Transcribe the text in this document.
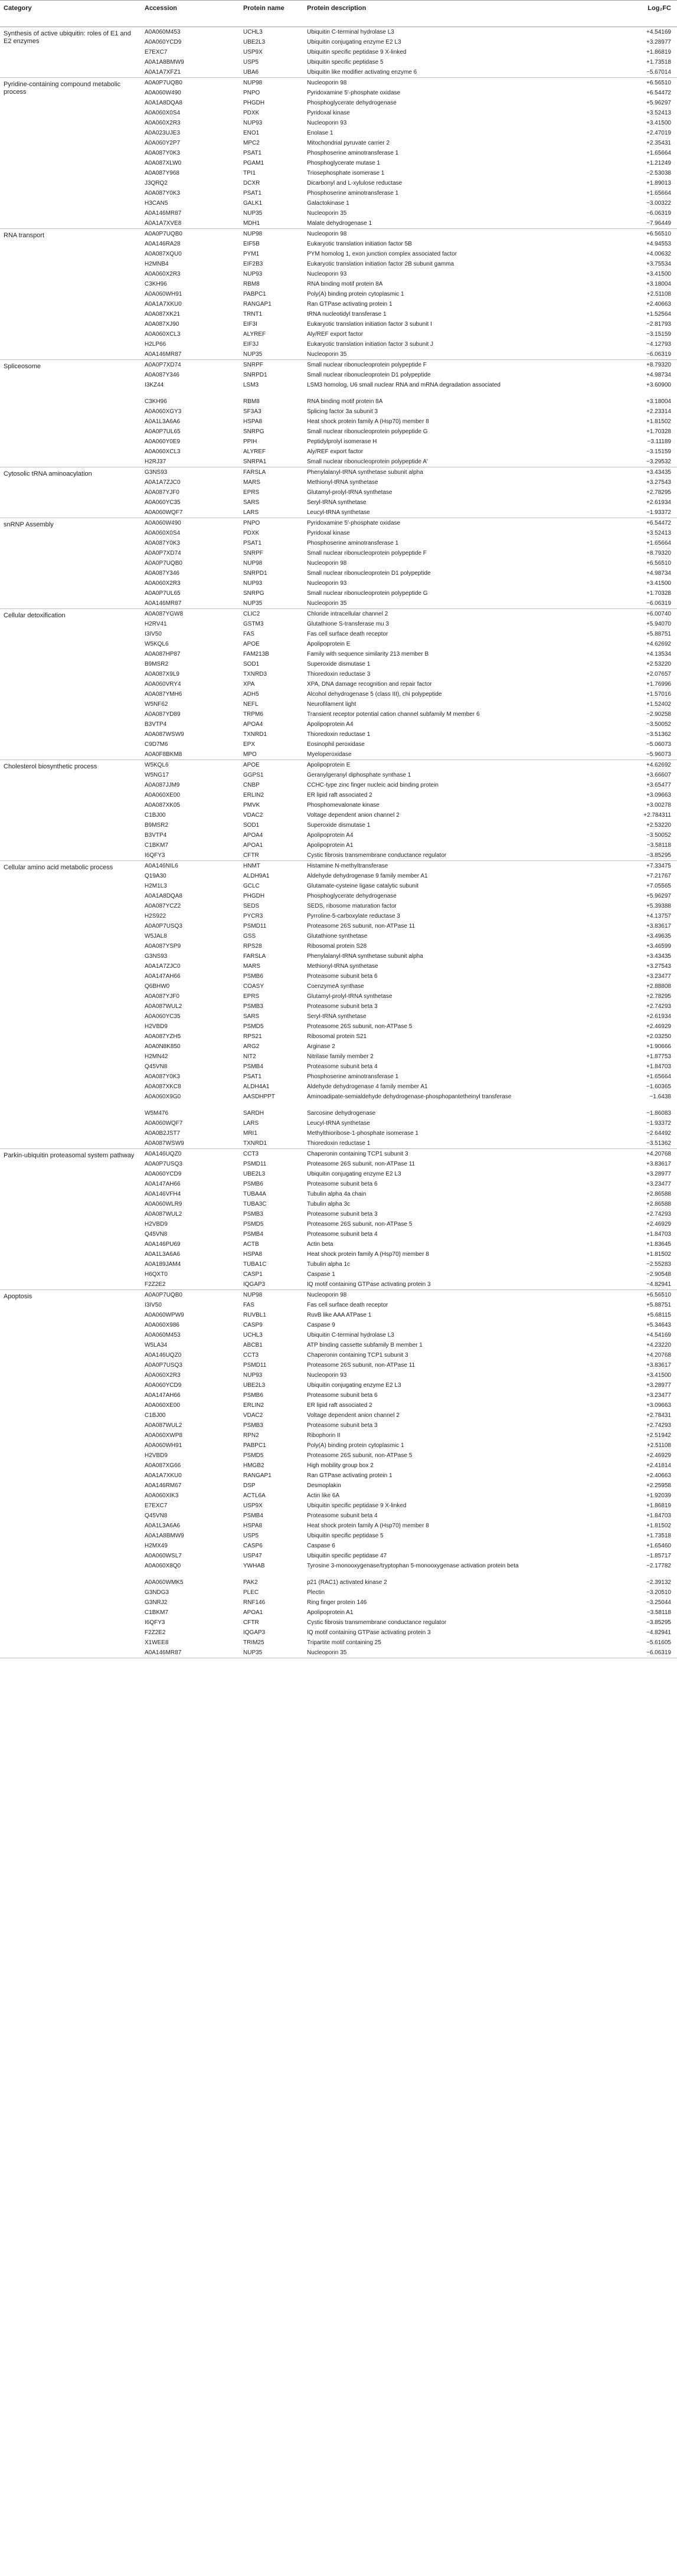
Category	Accession	Protein name	Protein description	Log₂FC
Synthesis of active ubiquitin: roles of E1 and E2 enzymes
A0A060M453	UCHL3	Ubiquitin C-terminal hydrolase L3	+4.54169
A0A060YCD9	UBE2L3	Ubiquitin conjugating enzyme E2 L3	+3.28977
E7EXC7	USP9X	Ubiquitin specific peptidase 9 X-linked	+1.86819
A0A1A8BMW9	USP5	Ubiquitin specific peptidase 5	+1.73518
A0A1A7XFZ1	UBA6	Ubiquitin like modifier activating enzyme 6	−5.67014
Pyridine-containing compound metabolic process
A0A0P7UQB0	NUP98	Nucleoporin 98	+6.56510
A0A060W490	PNPO	Pyridoxamine 5′-phosphate oxidase	+6.54472
A0A1A8DQA8	PHGDH	Phosphoglycerate dehydrogenase	+5.96297
A0A060X0S4	PDXK	Pyridoxal kinase	+3.52413
A0A060X2R3	NUP93	Nucleoporin 93	+3.41500
A0A023UJE3	ENO1	Enolase 1	+2.47019
A0A060Y2P7	MPC2	Mitochondrial pyruvate carrier 2	+2.35431
A0A087Y0K3	PSAT1	Phosphoserine aminotransferase 1	+1.65664
A0A087XLW0	PGAM1	Phosphoglycerate mutase 1	+1.21249
A0A087Y968	TPI1	Triosephosphate isomerase 1	−2.53038
J3QRQ2	DCXR	Dicarbonyl and L-xylulose reductase	+1.89013
A0A087Y0K3	PSAT1	Phosphoserine aminotransferase 1	+1.65664
H3CAN5	GALK1	Galactokinase 1	−3.00322
A0A146MR87	NUP35	Nucleoporin 35	−6.06319
A0A1A7XVE8	MDH1	Malate dehydrogenase 1	−7.96449
RNA transport	A0A0P7UQB0	NUP98	Nucleoporin 98	+6.56510
A0A146RA28	EIF5B	Eukaryotic translation initiation factor 5B	+4.94553
A0A087XQU0	PYM1	PYM homolog 1, exon junction complex associated factor	+4.00632
H2MNB4	EIF2B3	Eukaryotic translation initiation factor 2B subunit gamma	+3.75534
A0A060X2R3	NUP93	Nucleoporin 93	+3.41500
C3KH96	RBM8	RNA binding motif protein 8A	+3.18004
A0A060WH91	PABPC1	Poly(A) binding protein cytoplasmic 1	+2.51108
A0A1A7XKU0	RANGAP1	Ran GTPase activating protein 1	+2.40663
A0A087XK21	TRNT1	tRNA nucleotidyl transferase 1	+1.52564
A0A087XJ90	EIF3I	Eukaryotic translation initiation factor 3 subunit I	−2.81793
A0A060XCL3	ALYREF	Aly/REF export factor	−3.15159
H2LP66	EIF3J	Eukaryotic translation initiation factor 3 subunit J	−4.12793
A0A146MR87	NUP35	Nucleoporin 35	−6.06319
Spliceosome	A0A0P7XD74	SNRPF	Small nuclear ribonucleoprotein polypeptide F	+8.79320
A0A087Y346	SNRPD1	Small nuclear ribonucleoprotein D1 polypeptide	+4.98734
I3KZ44	LSM3	LSM3 homolog, U6 small nuclear RNA and mRNA degradation associated	+3.60900
C3KH96	RBM8	RNA binding motif protein 8A	+3.18004
A0A060XGY3	SF3A3	Splicing factor 3a subunit 3	+2.23314
A0A1L3A6A6	HSPA8	Heat shock protein family A (Hsp70) member 8	+1.81502
A0A0P7UL65	SNRPG	Small nuclear ribonucleoprotein polypeptide G	+1.70328
A0A060Y0E9	PPIH	Peptidylprolyl isomerase H	−3.11189
A0A060XCL3	ALYREF	Aly/REF export factor	−3.15159
H2RJ37	SNRPA1	Small nuclear ribonucleoprotein polypeptide A′	−3.29532
Cytosolic tRNA aminoacylation	G3NS93	FARSLA	Phenylalanyl-tRNA synthetase subunit alpha	+3.43435
A0A1A7ZJC0	MARS	Methionyl-tRNA synthetase	+3.27543
A0A087YJF0	EPRS	Glutamyl-prolyl-tRNA synthetase	+2.78295
A0A060YC35	SARS	Seryl-tRNA synthetase	+2.61934
A0A060WQF7	LARS	Leucyl-tRNA synthetase	−1.93372
snRNP Assembly	A0A060W490	PNPO	Pyridoxamine 5′-phosphate oxidase	+6.54472
A0A060X0S4	PDXK	Pyridoxal kinase	+3.52413
A0A087Y0K3	PSAT1	Phosphoserine aminotransferase 1	+1.65664
A0A0P7XD74	SNRPF	Small nuclear ribonucleoprotein polypeptide F	+8.79320
A0A0P7UQB0	NUP98	Nucleoporin 98	+6.56510
A0A087Y346	SNRPD1	Small nuclear ribonucleoprotein D1 polypeptide	+4.98734
A0A060X2R3	NUP93	Nucleoporin 93	+3.41500
A0A0P7UL65	SNRPG	Small nuclear ribonucleoprotein polypeptide G	+1.70328
A0A146MR87	NUP35	Nucleoporin 35	−6.06319
Cellular detoxification	A0A087YGW8	CLIC2	Chloride intracellular channel 2	+6.00740
H2RV41	GSTM3	Glutathione S-transferase mu 3	+5.94070
I3IV50	FAS	Fas cell surface death receptor	+5.88751
W5KQL6	APOE	Apolipoprotein E	+4.62692
A0A087HP87	FAM213B	Family with sequence similarity 213 member B	+4.13534
B9MSR2	SOD1	Superoxide dismutase 1	+2.53220
A0A087X9L9	TXNRD3	Thioredoxin reductase 3	+2.07657
A0A060VRY4	XPA	XPA, DNA damage recognition and repair factor	+1.76996
A0A087YMH6	ADH5	Alcohol dehydrogenase 5 (class III), chi polypeptide	+1.57016
W5NF62	NEFL	Neurofilament light	+1.52402
A0A087YD89	TRPM6	Transient receptor potential cation channel subfamily M member 6	−2.90258
B3VTP4	APOA4	Apolipoprotein A4	−3.50052
A0A087WSW9	TXNRD1	Thioredoxin reductase 1	−3.51362
C9D7M6	EPX	Eosinophil peroxidase	−5.06073
A0A0F8BKM8	MPO	Myeloperoxidase	−5.96073
Cholesterol biosynthetic process	W5KQL6	APOE	Apolipoprotein E	+4.62692
W5NG17	GGPS1	Geranylgeranyl diphosphate synthase 1	+3.66607
A0A087JJM9	CNBP	CCHC-type zinc finger nucleic acid binding protein	+3.65477
A0A060XE00	ERLIN2	ER lipid raft associated 2	+3.09663
A0A087XK05	PMVK	Phosphomevalonate kinase	+3.00278
C1BJ00	VDAC2	Voltage dependent anion channel 2	+2.784311
B9MSR2	SOD1	Superoxide dismutase 1	+2.53220
B3VTP4	APOA4	Apolipoprotein A4	−3.50052
C1BKM7	APOA1	Apolipoprotein A1	−3.58118
I6QFY3	CFTR	Cystic fibrosis transmembrane conductance regulator	−3.85295
Cellular amino acid metabolic process	A0A146NIL6	HNMT	Histamine N-methyltransferase	+7.33475
Q19A30	ALDH9A1	Aldehyde dehydrogenase 9 family member A1	+7.21767
H2M1L3	GCLC	Glutamate-cysteine ligase catalytic subunit	+7.05565
A0A1A8DQA8	PHGDH	Phosphoglycerate dehydrogenase	+5.96297
A0A087YCZ2	SEDS	SEDS, ribosome maturation factor	+5.39388
H2S922	PYCR3	Pyrroline-5-carboxylate reductase 3	+4.13757
A0A0P7USQ3	PSMD11	Proteasome 26S subunit, non-ATPase 11	+3.83617
W5JAL8	GSS	Glutathione synthetase	+3.49635
A0A087YSP9	RPS28	Ribosomal protein S28	+3.46599
G3NS93	FARSLA	Phenylalanyl-tRNA synthetase subunit alpha	+3.43435
A0A1A7ZJC0	MARS	Methionyl-tRNA synthetase	+3.27543
A0A147AH66	PSMB6	Proteasome subunit beta 6	+3.23477
Q6BHW0	COASY	CoenzymeA synthase	+2.88808
A0A087YJF0	EPRS	Glutamyl-prolyl-tRNA synthetase	+2.78295
A0A087WUL2	PSMB3	Proteasome subunit beta 3	+2.74293
A0A060YC35	SARS	Seryl-tRNA synthetase	+2.61934
H2VBD9	PSMD5	Proteasome 26S subunit, non-ATPase 5	+2.46929
A0A087YZH5	RPS21	Ribosomal protein S21	+2.03250
A0A0N8K850	ARG2	Arginase 2	+1.90666
H2MN42	NIT2	Nitrilase family member 2	+1.87753
Q45VN8	PSMB4	Proteasome subunit beta 4	+1.84703
A0A087Y0K3	PSAT1	Phosphoserine aminotransferase 1	+1.65664
A0A087XKC8	ALDH4A1	Aldehyde dehydrogenase 4 family member A1	−1.60365
A0A060X9G0	AASDHPPT	Aminoadipate-semialdehyde dehydrogenase-phosphopantetheinyl transferase	−1.6438
W5M476	SARDH	Sarcosine dehydrogenase	−1.86083
A0A060WQF7	LARS	Leucyl-tRNA synthetase	−1.93372
A0A0B2JST7	MRI1	Methylthioribose-1-phosphate isomerase 1	−2.64492
A0A087WSW9	TXNRD1	Thioredoxin reductase 1	−3.51362
Parkin-ubiquitin proteasomal system pathway	A0A146UQZ0	CCT3	Chaperonin containing TCP1 subunit 3	+4.20768
A0A0P7USQ3	PSMD11	Proteasome 26S subunit, non-ATPase 11	+3.83617
A0A060YCD9	UBE2L3	Ubiquitin conjugating enzyme E2 L3	+3.28977
A0A147AH66	PSMB6	Proteasome subunit beta 6	+3.23477
A0A146VFH4	TUBA4A	Tubulin alpha 4a chain	+2.86588
A0A060WLR9	TUBA3C	Tubulin alpha 3c	+2.86588
A0A087WUL2	PSMB3	Proteasome subunit beta 3	+2.74293
H2VBD9	PSMD5	Proteasome 26S subunit, non-ATPase 5	+2.46929
Q45VN8	PSMB4	Proteasome subunit beta 4	+1.84703
A0A146PU69	ACTB	Actin beta	+1.83645
A0A1L3A6A6	HSPA8	Heat shock protein family A (Hsp70) member 8	+1.81502
A0A189JAM4	TUBA1C	Tubulin alpha 1c	−2.55283
H6QXT0	CASP1	Caspase 1	−2.90548
F2Z2E2	IQGAP3	IQ motif containing GTPase activating protein 3	−4.82941
Apoptosis	A0A0P7UQB0	NUP98	Nucleoporin 98	+6.56510
I3IV50	FAS	Fas cell surface death receptor	+5.88751
A0A060WPW9	RUVBL1	RuvB like AAA ATPase 1	+5.68115
A0A060X986	CASP9	Caspase 9	+5.34643
A0A060M453	UCHL3	Ubiquitin C-terminal hydrolase L3	+4.54169
W5LA34	ABCB1	ATP binding cassette subfamily B member 1	+4.23220
A0A146UQZ0	CCT3	Chaperonin containing TCP1 subunit 3	+4.20768
A0A0P7USQ3	PSMD11	Proteasome 26S subunit, non-ATPase 11	+3.83617
A0A060X2R3	NUP93	Nucleoporin 93	+3.41500
A0A060YCD9	UBE2L3	Ubiquitin conjugating enzyme E2 L3	+3.28977
A0A147AH66	PSMB6	Proteasome subunit beta 6	+3.23477
A0A060XE00	ERLIN2	ER lipid raft associated 2	+3.09663
C1BJ00	VDAC2	Voltage dependent anion channel 2	+2.78431
A0A087WUL2	PSMB3	Proteasome subunit beta 3	+2.74293
A0A060XWP8	RPN2	Ribophorin II	+2.51942
A0A060WH91	PABPC1	Poly(A) binding protein cytoplasmic 1	+2.51108
H2VBD9	PSMD5	Proteasome 26S subunit, non-ATPase 5	+2.46929
A0A087XG66	HMGB2	High mobility group box 2	+2.41814
A0A1A7XKU0	RANGAP1	Ran GTPase activating protein 1	+2.40663
A0A146RM67	DSP	Desmoplakin	+2.25958
A0A060XIK3	ACTL6A	Actin like 6A	+1.92039
E7EXC7	USP9X	Ubiquitin specific peptidase 9 X-linked	+1.86819
Q45VN8	PSMB4	Proteasome subunit beta 4	+1.84703
A0A1L3A6A6	HSPA8	Heat shock protein family A (Hsp70) member 8	+1.81502
A0A1A8BMW9	USP5	Ubiquitin specific peptidase 5	+1.73518
H2MX49	CASP6	Caspase 6	+1.65460
A0A060WSL7	USP47	Ubiquitin specific peptidase 47	−1.85717
A0A060X8Q0	YWHAB	Tyrosine 3-monooxygenase/tryptophan 5-monooxygenase activation protein beta	−2.17782
A0A060WMK5	PAK2	p21 (RAC1) activated kinase 2	−2.39132
G3NDG3	PLEC	Plectin	−3.20510
G3NRJ2	RNF146	Ring finger protein 146	−3.25044
C1BKM7	APOA1	Apolipoprotein A1	−3.58118
I6QFY3	CFTR	Cystic fibrosis transmembrane conductance regulator	−3.85295
F2Z2E2	IQGAP3	IQ motif containing GTPase activating protein 3	−4.82941
X1WEE8	TRIM25	Tripartite motif containing 25	−5.61605
A0A146MR87	NUP35	Nucleoporin 35	−6.06319
